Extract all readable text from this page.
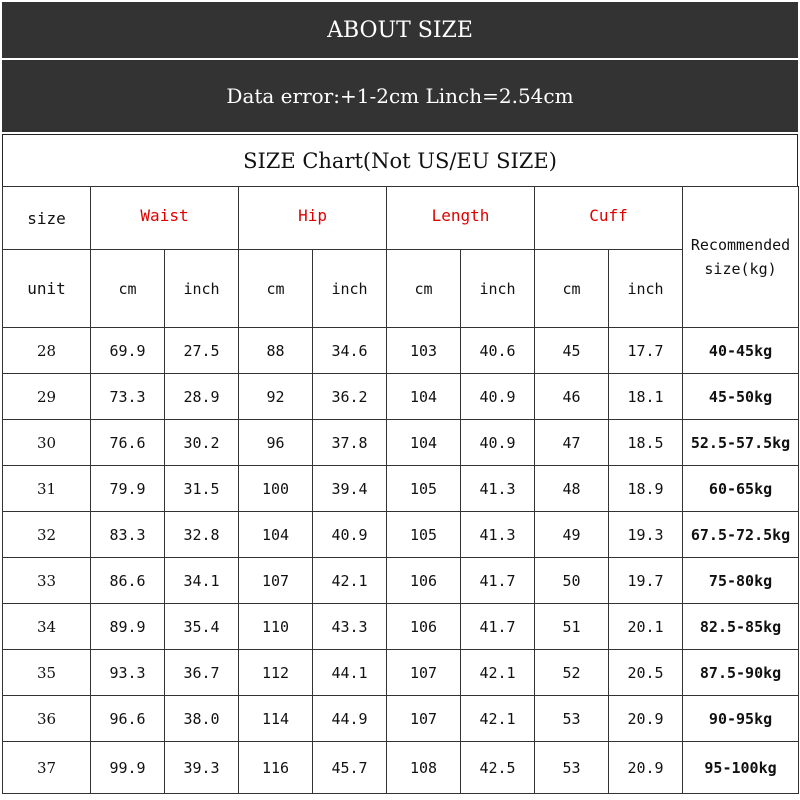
ABOUT SIZE
Data error:+1-2cm Linch=2.54cm
SIZE Chart(Not US/EU SIZE)
size	Waist		Hip		Length		Cuff		Recommended
size(kg)

unit	cm	inch	cm	inch	cm	inch	cm	inch	
28	69.9	27.5	88	34.6	103	40.6	45	17.7	40-45kg
29	73.3	28.9	92	36.2	104	40.9	46	18.1	45-50kg
30	76.6	30.2	96	37.8	104	40.9	47	18.5	52.5-57.5kg
31	79.9	31.5	100	39.4	105	41.3	48	18.9	60-65kg
32	83.3	32.8	104	40.9	105	41.3	49	19.3	67.5-72.5kg
33	86.6	34.1	107	42.1	106	41.7	50	19.7	75-80kg
34	89.9	35.4	110	43.3	106	41.7	51	20.1	82.5-85kg
35	93.3	36.7	112	44.1	107	42.1	52	20.5	87.5-90kg
36	96.6	38.0	114	44.9	107	42.1	53	20.9	90-95kg
37	99.9	39.3	116	45.7	108	42.5	53	20.9	95-100kg
